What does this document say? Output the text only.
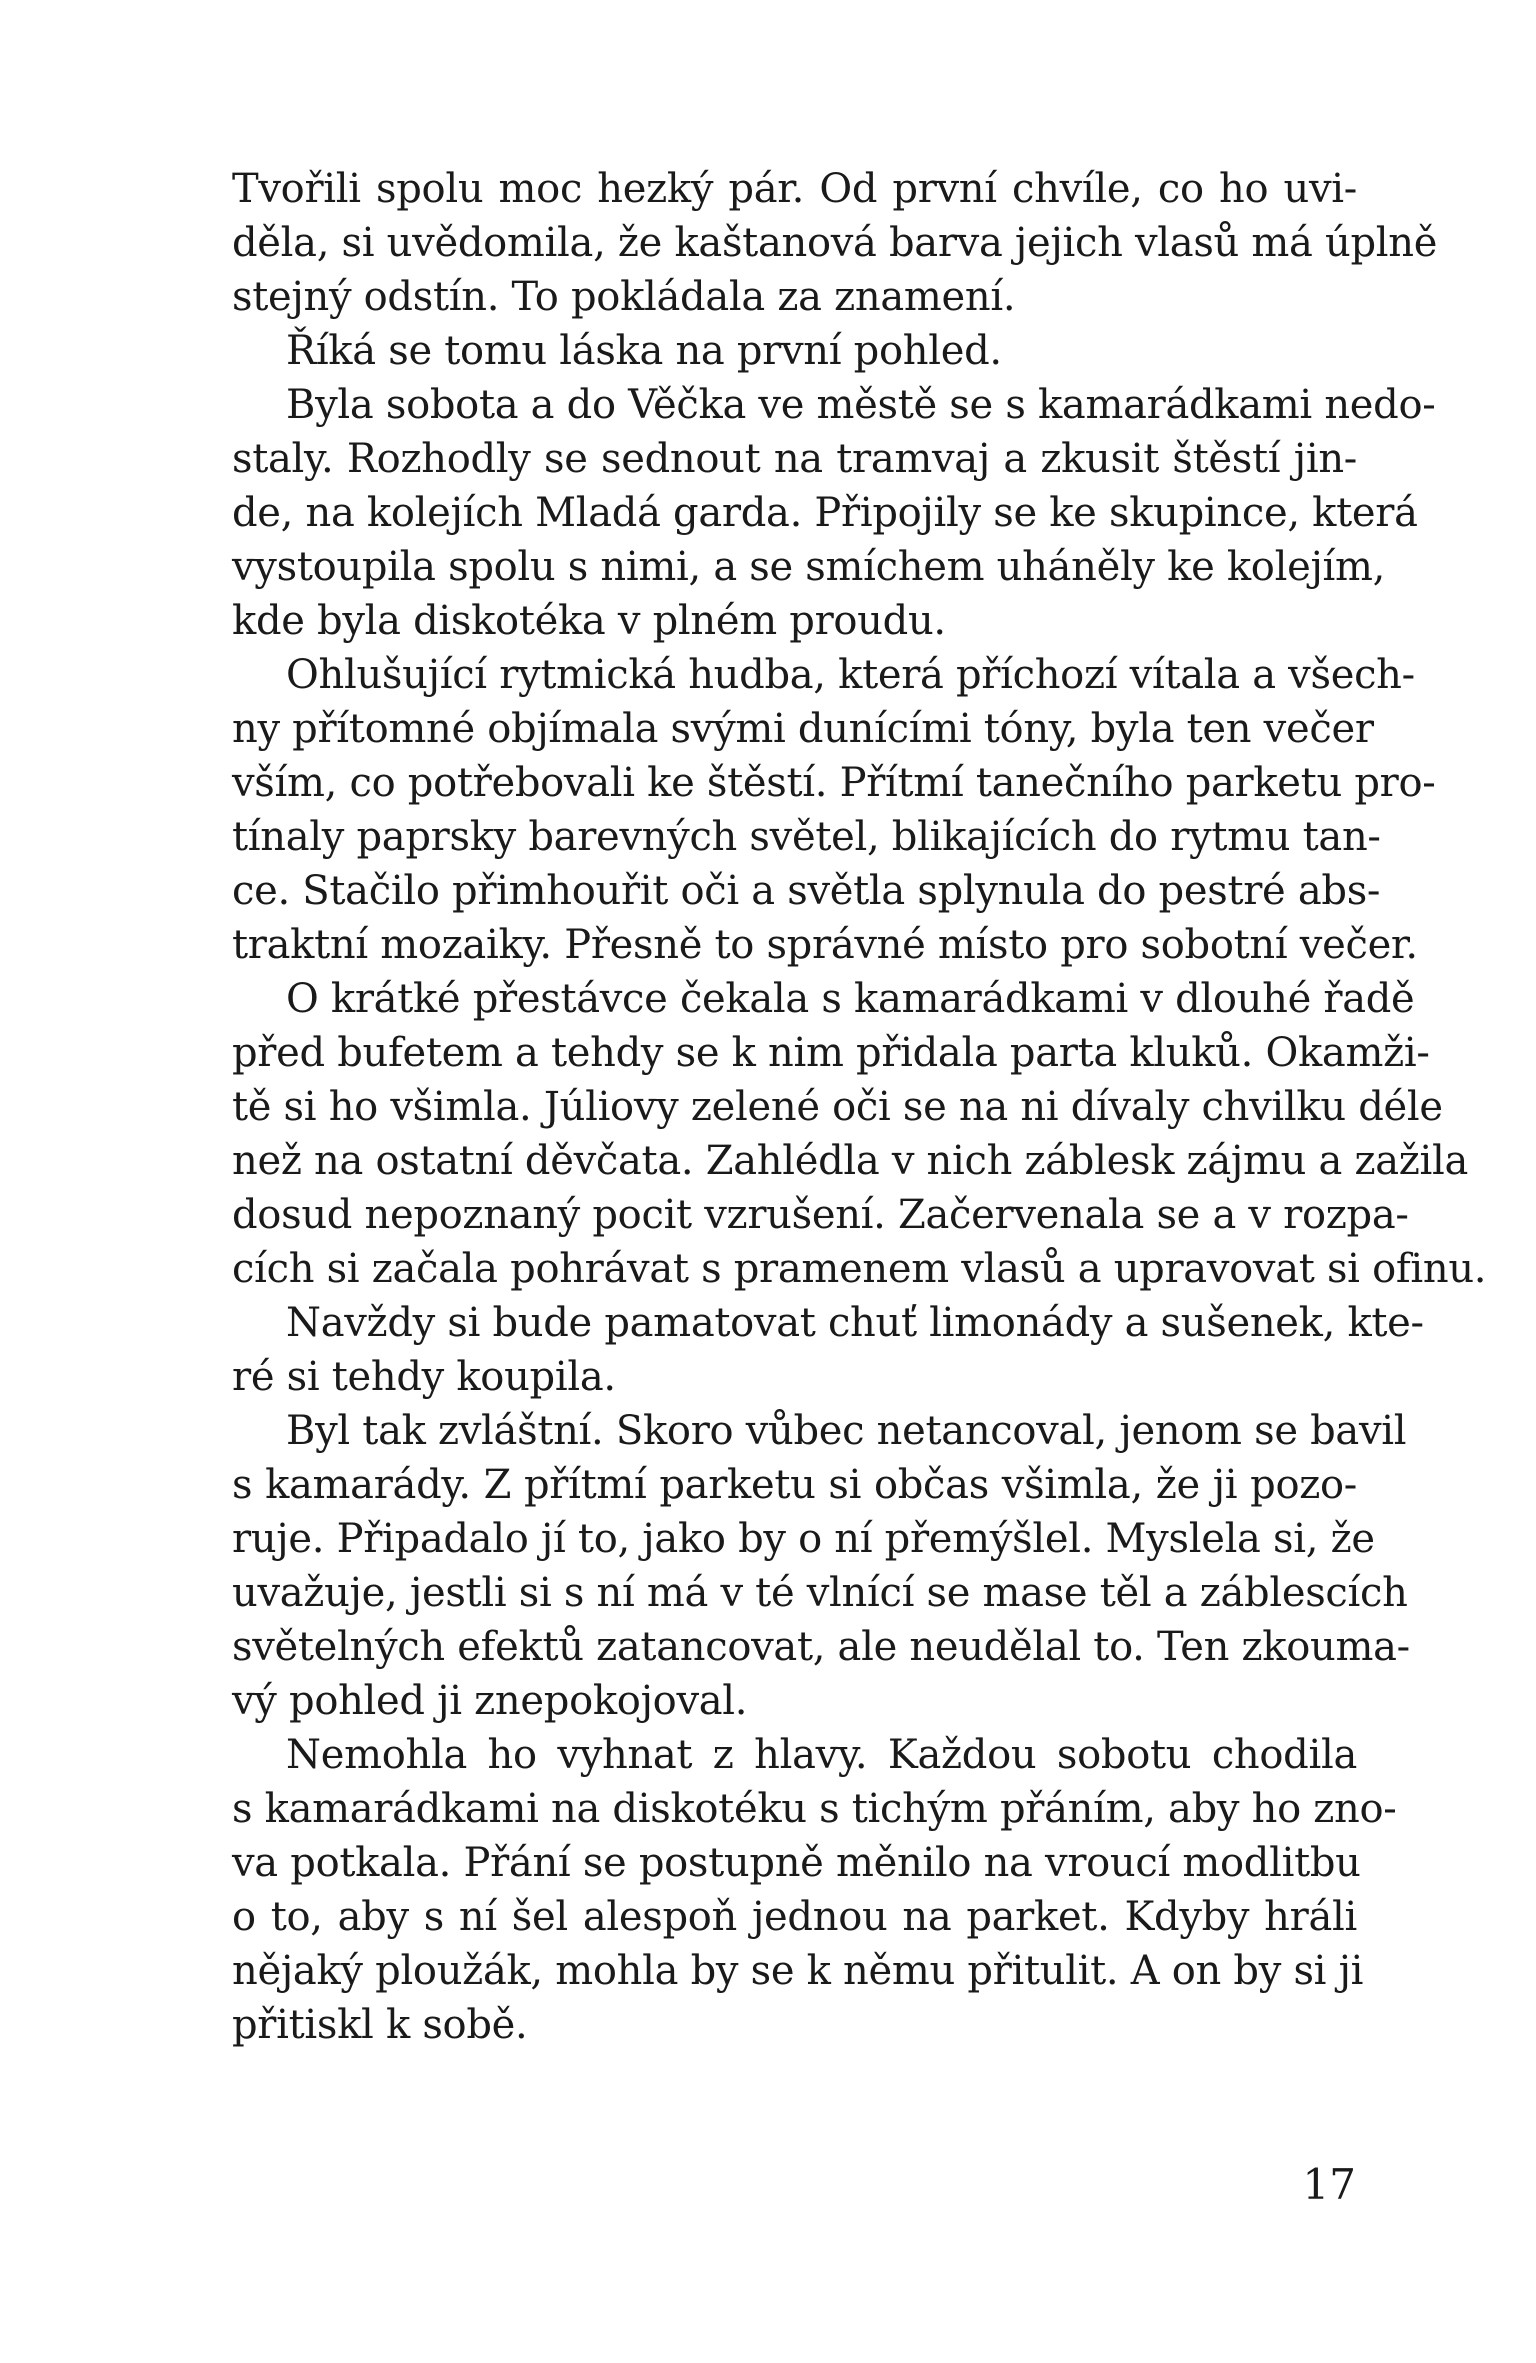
Tvořili spolu moc hezký pár. Od první chvíle, co ho uvi-
děla, si uvědomila, že kaštanová barva jejich vlasů má úplně
stejný odstín. To pokládala za znamení.
Říká se tomu láska na první pohled.
Byla sobota a do Věčka ve městě se s kamarádkami nedo-
staly. Rozhodly se sednout na tramvaj a zkusit štěstí jin-
de, na kolejích Mladá garda. Připojily se ke skupince, která
vystoupila spolu s nimi, a se smíchem uháněly ke kolejím,
kde byla diskotéka v plném proudu.
Ohlušující rytmická hudba, která příchozí vítala a všech-
ny přítomné objímala svými dunícími tóny, byla ten večer
vším, co potřebovali ke štěstí. Přítmí tanečního parketu pro-
tínaly paprsky barevných světel, blikajících do rytmu tan-
ce. Stačilo přimhouřit oči a světla splynula do pestré abs-
traktní mozaiky. Přesně to správné místo pro sobotní večer.
O krátké přestávce čekala s kamarádkami v dlouhé řadě
před bufetem a tehdy se k nim přidala parta kluků. Okamži-
tě si ho všimla. Júliovy zelené oči se na ni dívaly chvilku déle
než na ostatní děvčata. Zahlédla v nich záblesk zájmu a zažila
dosud nepoznaný pocit vzrušení. Začervenala se a v rozpa-
cích si začala pohrávat s pramenem vlasů a upravovat si ofinu.
Navždy si bude pamatovat chuť limonády a sušenek, kte-
ré si tehdy koupila.
Byl tak zvláštní. Skoro vůbec netancoval, jenom se bavil
s kamarády. Z přítmí parketu si občas všimla, že ji pozo-
ruje. Připadalo jí to, jako by o ní přemýšlel. Myslela si, že
uvažuje, jestli si s ní má v té vlnící se mase těl a záblescích
světelných efektů zatancovat, ale neudělal to. Ten zkouma-
vý pohled ji znepokojoval.
Nemohla ho vyhnat z hlavy. Každou sobotu chodila
s kamarádkami na diskotéku s tichým přáním, aby ho zno-
va potkala. Přání se postupně měnilo na vroucí modlitbu
o to, aby s ní šel alespoň jednou na parket. Kdyby hráli
nějaký ploužák, mohla by se k němu přitulit. A on by si ji
přitiskl k sobě.
17
